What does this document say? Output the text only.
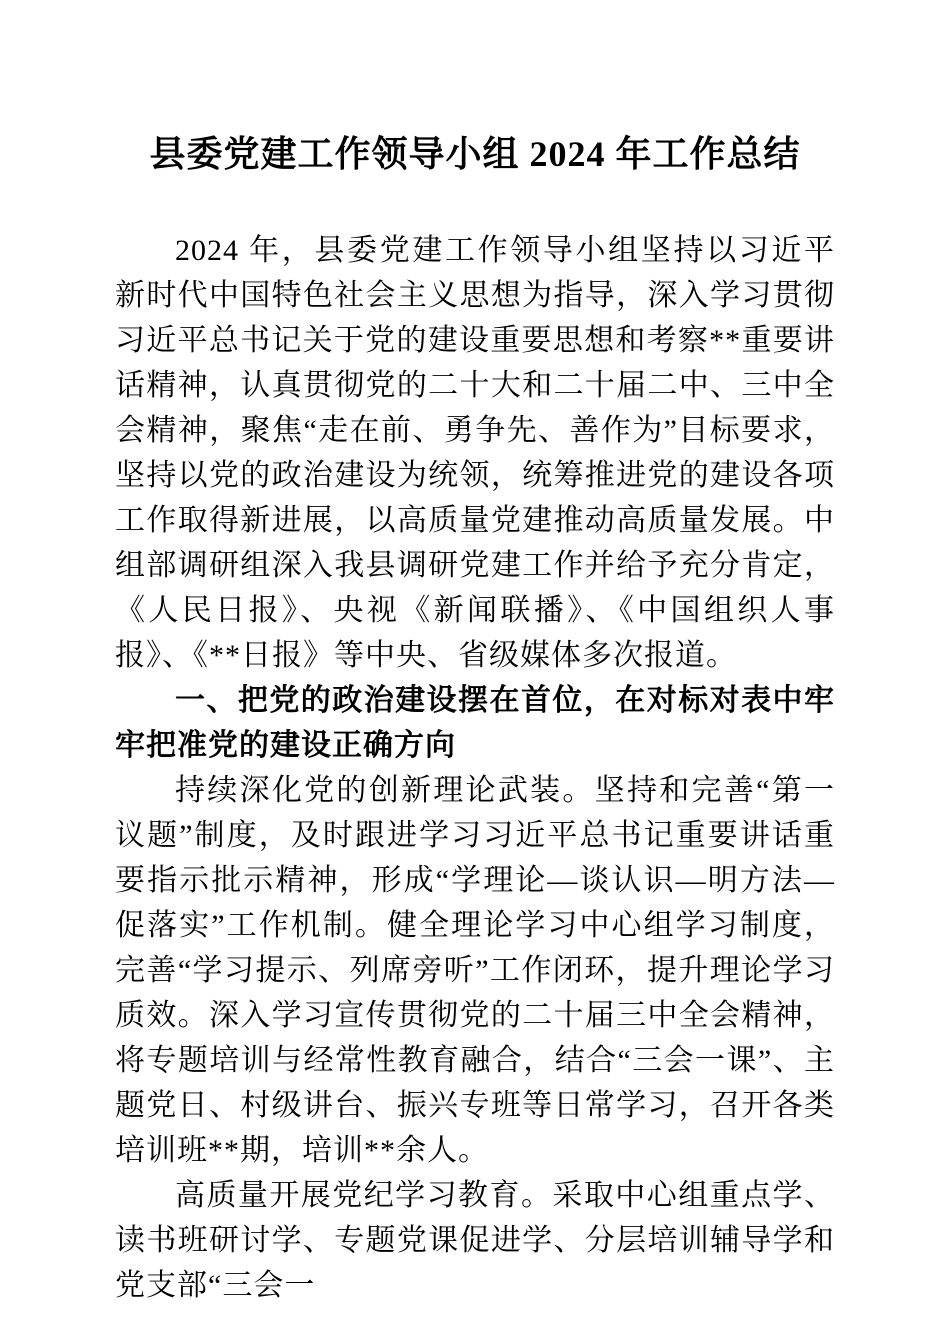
县委党建工作领导小组 2024 年工作总结

2024 年，县委党建工作领导小组坚持以习近平新时代中国特色社会主义思想为指导，深入学习贯彻习近平总书记关于党的建设重要思想和考察**重要讲话精神，认真贯彻党的二十大和二十届二中、三中全会精神，聚焦“走在前、勇争先、善作为”目标要求，坚持以党的政治建设为统领，统筹推进党的建设各项工作取得新进展，以高质量党建推动高质量发展。中组部调研组深入我县调研党建工作并给予充分肯定，《人民日报》、央视《新闻联播》、《中国组织人事报》、《**日报》等中央、省级媒体多次报道。

一、把党的政治建设摆在首位，在对标对表中牢牢把准党的建设正确方向

持续深化党的创新理论武装。坚持和完善“第一议题”制度，及时跟进学习习近平总书记重要讲话重要指示批示精神，形成“学理论—谈认识—明方法—促落实”工作机制。健全理论学习中心组学习制度，完善“学习提示、列席旁听”工作闭环，提升理论学习质效。深入学习宣传贯彻党的二十届三中全会精神，将专题培训与经常性教育融合，结合“三会一课”、主题党日、村级讲台、振兴专班等日常学习，召开各类培训班**期，培训**余人。

高质量开展党纪学习教育。采取中心组重点学、读书班研讨学、专题党课促进学、分层培训辅导学和党支部“三会一
